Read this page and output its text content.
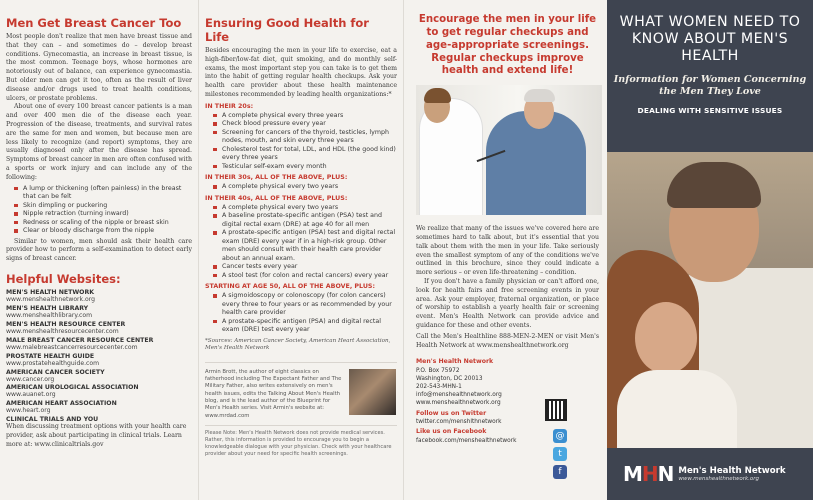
Men Get Breast Cancer Too

Most people don't realize that men have breast tissue and that they can – and sometimes do – develop breast conditions. Gynecomastia, an increase in breast tissue, is the most common. Teenage boys, whose hormones are notoriously out of balance, can experience gynecomastia. But older men can get it too, often as the result of liver disease and/or drugs used to treat health conditions, ulcers, or prostate problems.

About one of every 100 breast cancer patients is a man and over 400 men die of the disease each year. Progression of the disease, treatments, and survival rates are the same for men and women, but because men are less likely to recognize (and report) symptoms, they are usually diagnosed only after the disease has spread. Symptoms of breast cancer in men are often confused with a sports or work injury and can include any of the following:

A lump or thickening (often painless) in the breast that can be felt
Skin dimpling or puckering
Nipple retraction (turning inward)
Redness or scaling of the nipple or breast skin
Clear or bloody discharge from the nipple

Similar to women, men should ask their health care provider how to perform a self-examination to detect early signs of breast cancer.

Helpful Websites:
MEN'S HEALTH NETWORK
www.menshealthnetwork.org
MEN'S HEALTH LIBRARY
www.menshealthlibrary.com
MEN'S HEALTH RESOURCE CENTER
www.menshealthresourcecenter.com
MALE BREAST CANCER RESOURCE CENTER
www.malebreastcancerresourcecenter.com
PROSTATE HEALTH GUIDE
www.prostatehealthguide.com
AMERICAN CANCER SOCIETY
www.cancer.org
AMERICAN UROLOGICAL ASSOCIATION
www.auanet.org
AMERICAN HEART ASSOCIATION
www.heart.org
CLINICAL TRIALS AND YOU

When discussing treatment options with your health care provider, ask about participating in clinical trials. Learn more at: www.clinicaltrials.gov

Ensuring Good Health for Life

Besides encouraging the men in your life to exercise, eat a high-fiber/low-fat diet, quit smoking, and do monthly self-exams, the most important step you can take is to get them into the habit of getting regular health checkups. Ask your health care provider about these health maintenance milestones recommended by leading health organizations:*

IN THEIR 20s:
A complete physical every three years
Check blood pressure every year
Screening for cancers of the thyroid, testicles, lymph nodes, mouth, and skin every three years
Cholesterol test for total, LDL, and HDL (the good kind) every three years
Testicular self-exam every month
IN THEIR 30s, ALL OF THE ABOVE, PLUS:
A complete physical every two years
IN THEIR 40s, ALL OF THE ABOVE, PLUS:
A complete physical every two years
A baseline prostate-specific antigen (PSA) test and digital rectal exam (DRE) at age 40 for all men
A prostate-specific antigen (PSA) test and digital rectal exam (DRE) every year if in a high-risk group. Other men should consult with their health care provider about an annual exam.
Cancer tests every year
A stool test (for colon and rectal cancers) every year
STARTING AT AGE 50, ALL OF THE ABOVE, PLUS:
A sigmoidoscopy or colonoscopy (for colon cancers) every three to four years or as recommended by your health care provider
A prostate-specific antigen (PSA) and digital rectal exam (DRE) test every year

*Sources: American Cancer Society, American Heart Association, Men's Health Network

Armin Brott, the author of eight classics on fatherhood including The Expectant Father and The Military Father, also writes extensively on men's health issues, edits the Talking About Men's Health blog, and is the lead author of the Blueprint for Men's Health series. Visit Armin's website at: www.mrdad.com

Please Note: Men's Health Network does not provide medical services. Rather, this information is provided to encourage you to begin a knowledgeable dialogue with your physician. Check with your healthcare provider about your need for specific health screenings.
Encourage the men in your life to get regular checkups and age-appropriate screenings. Regular checkups improve health and extend life!

We realize that many of the issues we've covered here are sometimes hard to talk about, but it's essential that you talk about them with the men in your life. Take seriously even the smallest symptom of any of the conditions we've outlined in this brochure, since they could indicate a more serious – or even life-threatening – condition.

If you don't have a family physician or can't afford one, look for health fairs and free screening events in your area. Ask your employer, fraternal organization, or place of worship to establish a yearly health fair or screening event. Men's Health Network can provide advice and guidance for these and other events.

Call the Men's Healthline 888-MEN-2-MEN or visit Men's Health Network at www.menshealthnetwork.org

Men's Health Network
P.O. Box 75972
Washington, DC 20013
202-543-MHN-1
info@menshealthnetwork.org
www.menshealthnetwork.org
Follow us on Twitter
twitter.com/menshlthnetwork
Like us on Facebook
facebook.com/menshealthnetwork
@
t
f
WHAT WOMEN NEED TO KNOW ABOUT MEN'S HEALTH
Information for Women Concerning the Men They Love
DEALING WITH SENSITIVE ISSUES
MHN Men's Health Network
www.menshealthnetwork.org
